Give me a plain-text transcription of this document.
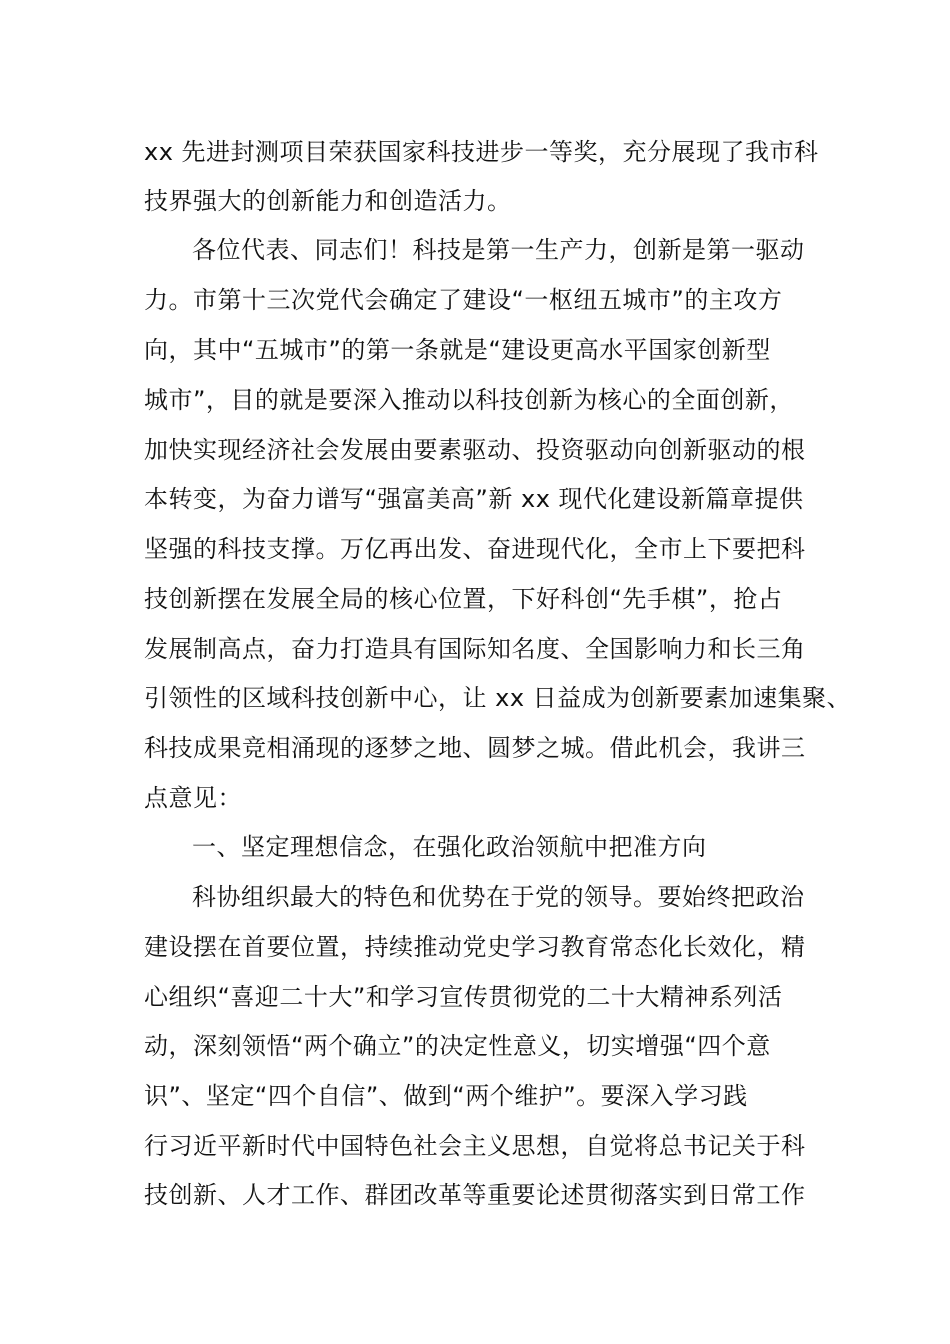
xx 先进封测项目荣获国家科技进步一等奖，充分展现了我市科
技界强大的创新能力和创造活力。
各位代表、同志们！科技是第一生产力，创新是第一驱动
力。市第十三次党代会确定了建设“一枢纽五城市”的主攻方
向，其中“五城市”的第一条就是“建设更高水平国家创新型
城市”，目的就是要深入推动以科技创新为核心的全面创新，
加快实现经济社会发展由要素驱动、投资驱动向创新驱动的根
本转变，为奋力谱写“强富美高”新 xx 现代化建设新篇章提供
坚强的科技支撑。万亿再出发、奋进现代化，全市上下要把科
技创新摆在发展全局的核心位置，下好科创“先手棋”，抢占
发展制高点，奋力打造具有国际知名度、全国影响力和长三角
引领性的区域科技创新中心，让 xx 日益成为创新要素加速集聚、
科技成果竞相涌现的逐梦之地、圆梦之城。借此机会，我讲三
点意见：
一、坚定理想信念，在强化政治领航中把准方向
科协组织最大的特色和优势在于党的领导。要始终把政治
建设摆在首要位置，持续推动党史学习教育常态化长效化，精
心组织“喜迎二十大”和学习宣传贯彻党的二十大精神系列活
动，深刻领悟“两个确立”的决定性意义，切实增强“四个意
识”、坚定“四个自信”、做到“两个维护”。要深入学习践
行习近平新时代中国特色社会主义思想，自觉将总书记关于科
技创新、人才工作、群团改革等重要论述贯彻落实到日常工作
